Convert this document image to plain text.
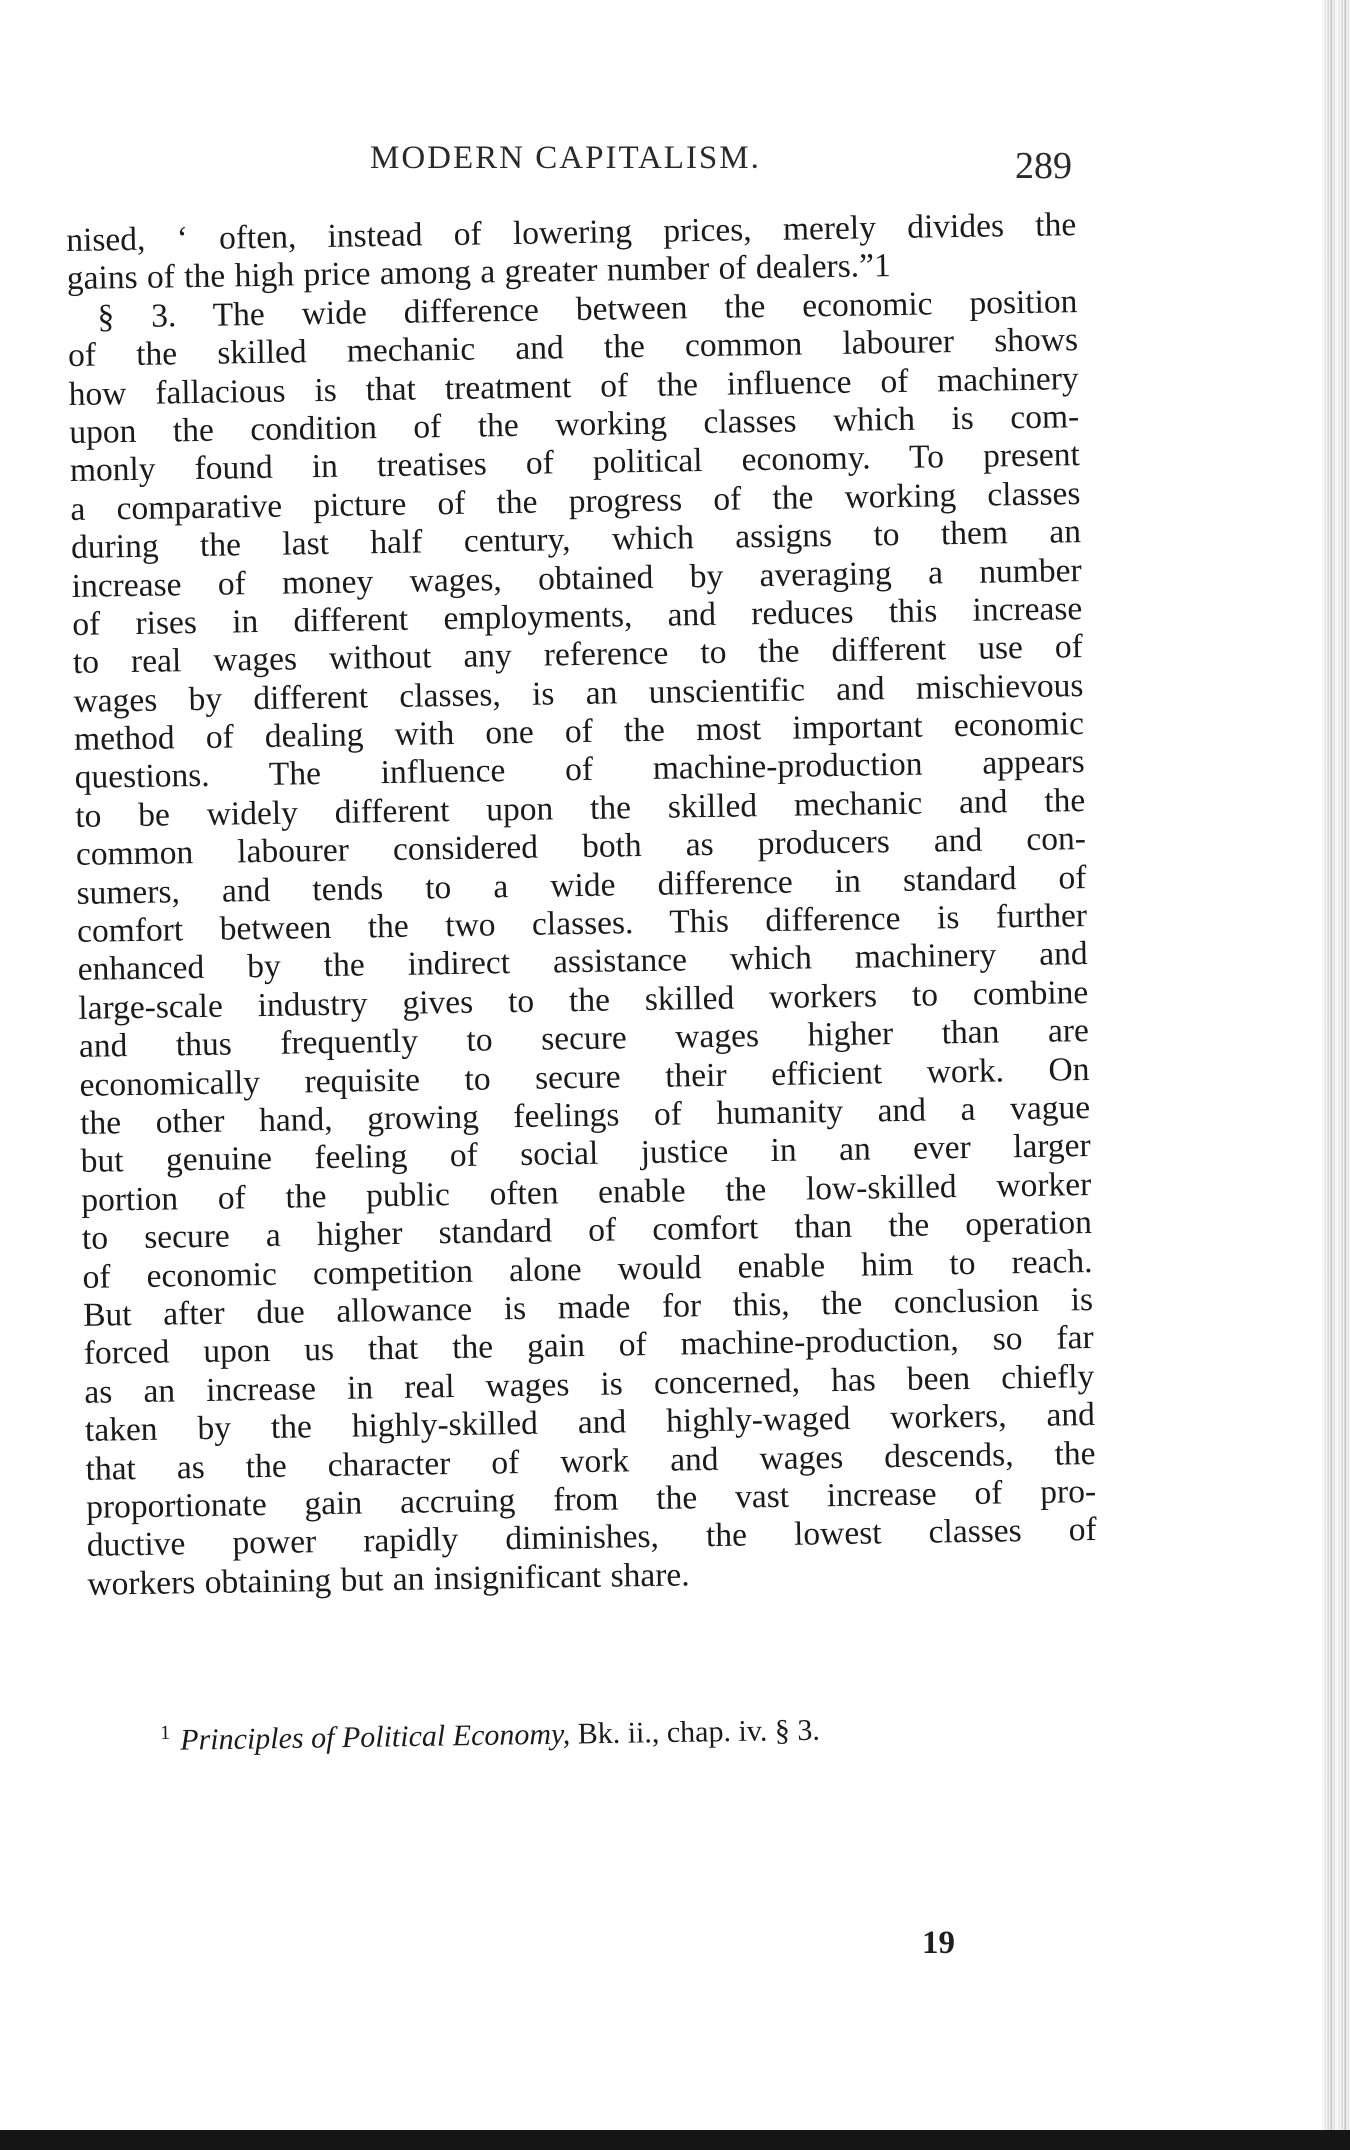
MODERN CAPITALISM.	289
nised, ‘ often, instead of lowering prices, merely divides the
gains of the high price among a greater number of dealers.”1
§ 3. The wide difference between the economic position
of the skilled mechanic and the common labourer shows
how fallacious is that treatment of the influence of machinery
upon the condition of the working classes which is com-
monly found in treatises of political economy. To present
a comparative picture of the progress of the working classes
during the last half century, which assigns to them an
increase of money wages, obtained by averaging a number
of rises in different employments, and reduces this increase
to real wages without any reference to the different use of
wages by different classes, is an unscientific and mischievous
method of dealing with one of the most important economic
questions. The influence of machine-production appears
to be widely different upon the skilled mechanic and the
common labourer considered both as producers and con-
sumers, and tends to a wide difference in standard of
comfort between the two classes. This difference is further
enhanced by the indirect assistance which machinery and
large-scale industry gives to the skilled workers to combine
and thus frequently to secure wages higher than are
economically requisite to secure their efficient work. On
the other hand, growing feelings of humanity and a vague
but genuine feeling of social justice in an ever larger
portion of the public often enable the low-skilled worker
to secure a higher standard of comfort than the operation
of economic competition alone would enable him to reach.
But after due allowance is made for this, the conclusion is
forced upon us that the gain of machine-production, so far
as an increase in real wages is concerned, has been chiefly
taken by the highly-skilled and highly-waged workers, and
that as the character of work and wages descends, the
proportionate gain accruing from the vast increase of pro-
ductive power rapidly diminishes, the lowest classes of
workers obtaining but an insignificant share.
$^1$ Principles of Political Economy, Bk. ii., chap. iv. § 3.
19
